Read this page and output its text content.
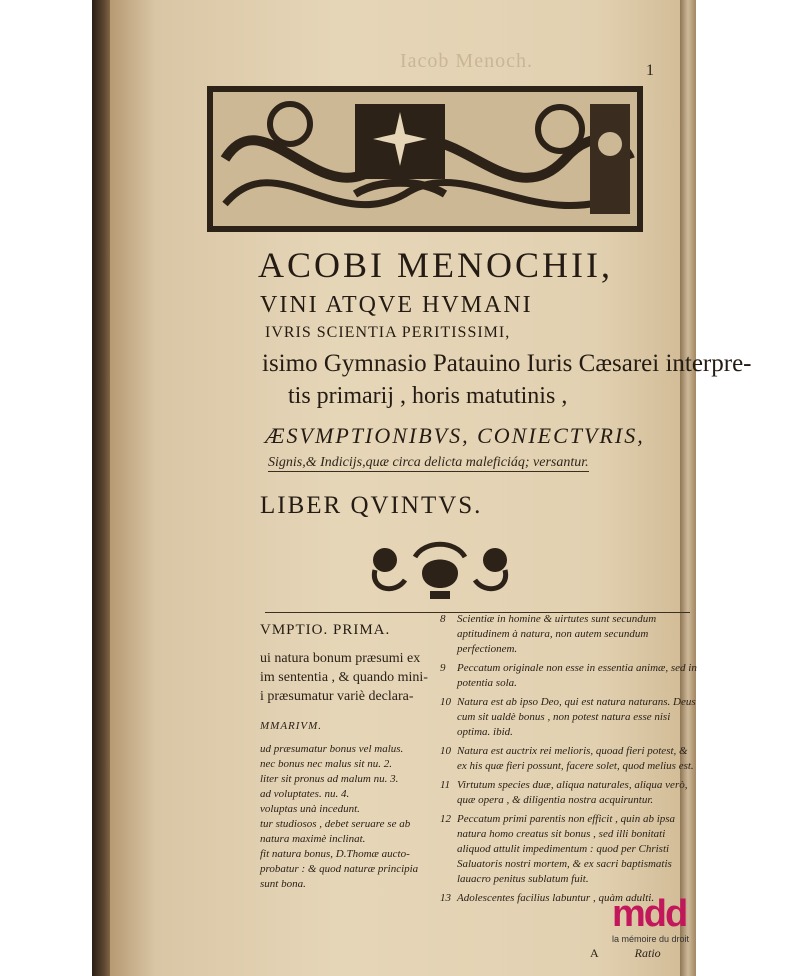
Iacob Menoch.	1
ACOBI MENOCHII,
VINI ATQVE HVMANI
IVRIS SCIENTIA PERITISSIMI,
isimo Gymnasio Patauino Iuris Cæsarei interpre-
tis primarij , horis matutinis ,
ÆSVMPTIONIBVS, CONIECTVRIS,
Signis,& Indicijs,quæ circa delicta maleficiáq; versantur.
LIBER QVINTVS.
VMPTIO. PRIMA.
ui natura bonum præsumi ex
im sententia , & quando mini-
i præsumatur variè declara-
MMARIVM.
ud præsumatur bonus vel malus.
nec bonus nec malus sit nu. 2.
liter sit pronus ad malum nu. 3.
ad voluptates. nu. 4.
voluptas unà incedunt.
tur studiosos , debet seruare se ab
natura maximè inclinat.
fit natura bonus, D.Thomæ aucto-
probatur : & quod naturæ principia
sunt bona.
8	Scientiæ in homine & uirtutes sunt secundum aptitudinem à natura, non autem secundum perfectionem.
9	Peccatum originale non esse in essentia animæ, sed in potentia sola.
10 Natura est ab ipso Deo, qui est natura naturans. Deus cum sit ualdè bonus , non potest natura esse nisi optima. ibid.
10 Natura est auctrix rei melioris, quoad fieri potest, & ex his quæ fieri possunt, facere solet, quod melius est.
11 Virtutum species duæ, aliqua naturales, aliqua verò, quæ opera , & diligentia nostra acquiruntur.
12 Peccatum primi parentis non efficit , quin ab ipsa natura homo creatus sit bonus , sed illi bonitati aliquod attulit impedimentum : quod per Christi Saluatoris nostri mortem, & ex sacri baptismatis lauacro penitus sublatum fuit.
13 Adolescentes facilius labuntur , quàm adulti.
A	Ratio
mdd
la mémoire du droit
